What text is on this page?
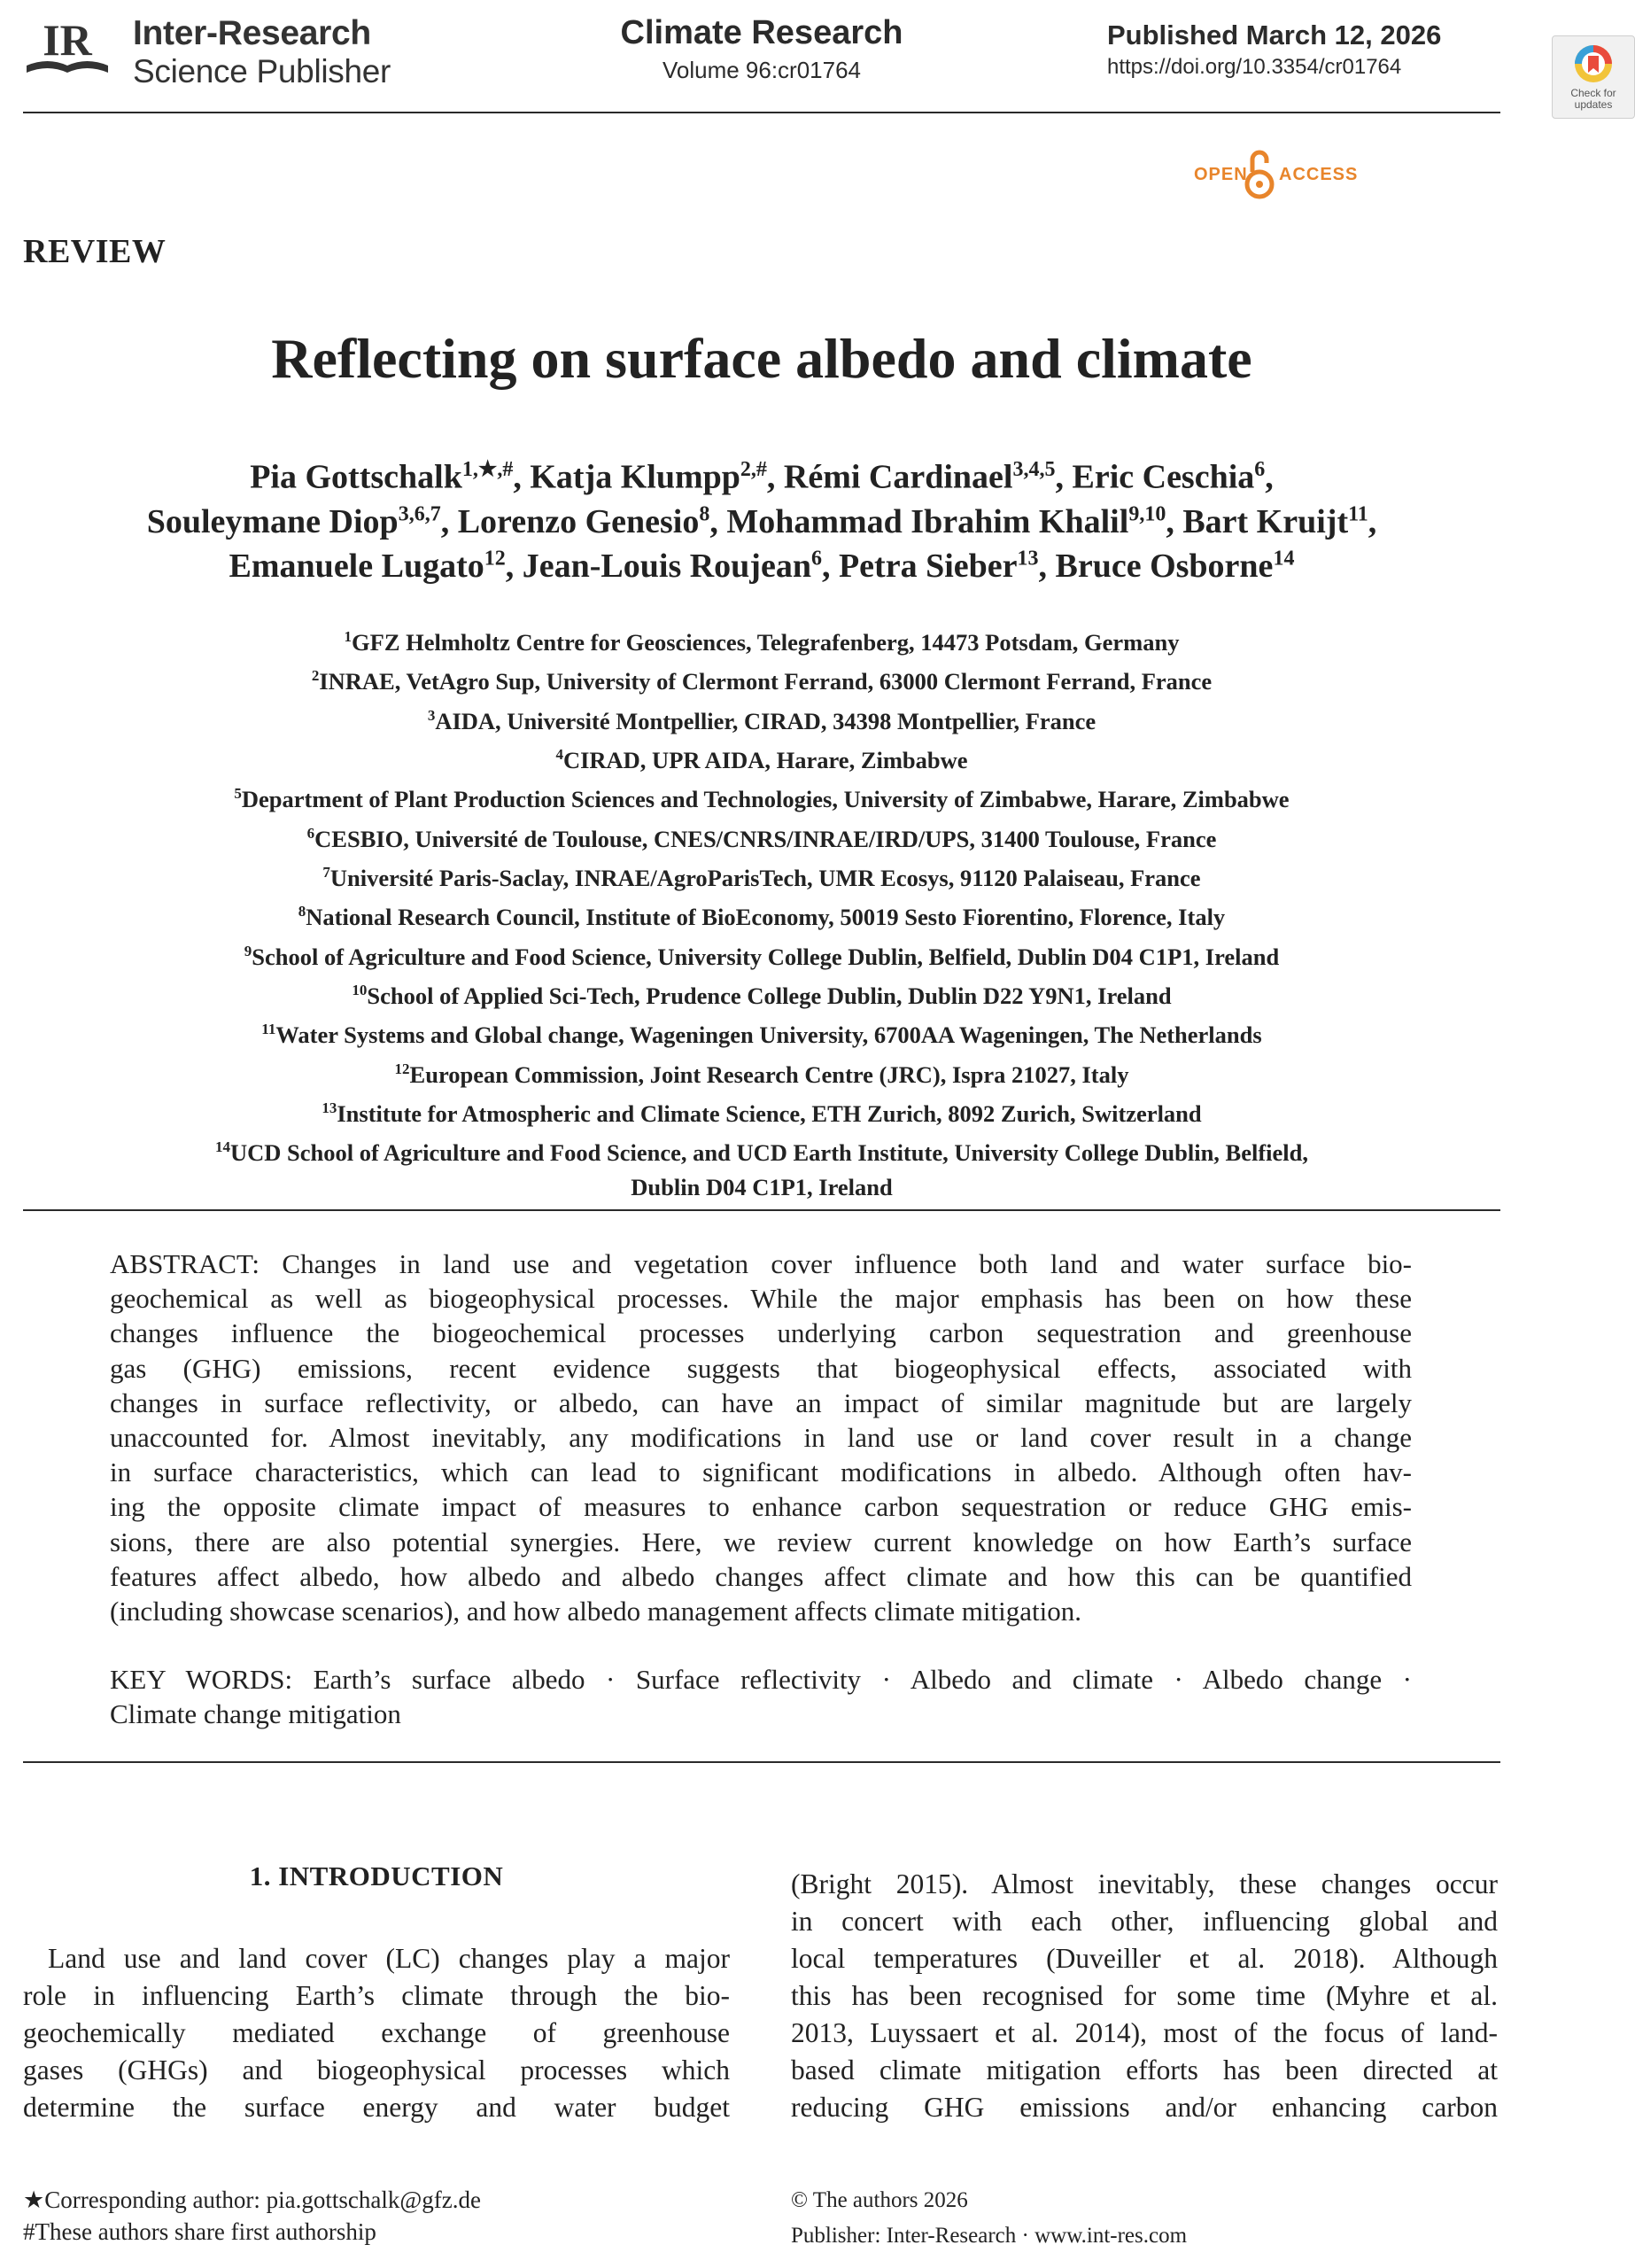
IR Inter-Research
Science Publisher
Climate Research
Volume 96:cr01764
Published March 12, 2026
https://doi.org/10.3354/cr01764
Check for updates
OPEN ACCESS
REVIEW
Reflecting on surface albedo and climate
Pia Gottschalk$^{1,★,\#}$, Katja Klumpp$^{2,\#}$, Rémi Cardinael$^{3,4,5}$, Eric Ceschia$^6$,
Souleymane Diop$^{3,6,7}$, Lorenzo Genesio$^8$, Mohammad Ibrahim Khalil$^{9,10}$, Bart Kruijt$^{11}$,
Emanuele Lugato$^{12}$, Jean-Louis Roujean$^6$, Petra Sieber$^{13}$, Bruce Osborne$^{14}$
$^1$GFZ Helmholtz Centre for Geosciences, Telegrafenberg, 14473 Potsdam, Germany
$^2$INRAE, VetAgro Sup, University of Clermont Ferrand, 63000 Clermont Ferrand, France
$^3$AIDA, Université Montpellier, CIRAD, 34398 Montpellier, France
$^4$CIRAD, UPR AIDA, Harare, Zimbabwe
$^5$Department of Plant Production Sciences and Technologies, University of Zimbabwe, Harare, Zimbabwe
$^6$CESBIO, Université de Toulouse, CNES/CNRS/INRAE/IRD/UPS, 31400 Toulouse, France
$^7$Université Paris-Saclay, INRAE/AgroParisTech, UMR Ecosys, 91120 Palaiseau, France
$^8$National Research Council, Institute of BioEconomy, 50019 Sesto Fiorentino, Florence, Italy
$^9$School of Agriculture and Food Science, University College Dublin, Belfield, Dublin D04 C1P1, Ireland
$^{10}$School of Applied Sci-Tech, Prudence College Dublin, Dublin D22 Y9N1, Ireland
$^{11}$Water Systems and Global change, Wageningen University, 6700AA Wageningen, The Netherlands
$^{12}$European Commission, Joint Research Centre (JRC), Ispra 21027, Italy
$^{13}$Institute for Atmospheric and Climate Science, ETH Zurich, 8092 Zurich, Switzerland
$^{14}$UCD School of Agriculture and Food Science, and UCD Earth Institute, University College Dublin, Belfield,
Dublin D04 C1P1, Ireland
ABSTRACT: Changes in land use and vegetation cover influence both land and water surface bio-
geochemical as well as biogeophysical processes. While the major emphasis has been on how these
changes influence the biogeochemical processes underlying carbon sequestration and greenhouse
gas (GHG) emissions, recent evidence suggests that biogeophysical effects, associated with
changes in surface reflectivity, or albedo, can have an impact of similar magnitude but are largely
unaccounted for. Almost inevitably, any modifications in land use or land cover result in a change
in surface characteristics, which can lead to significant modifications in albedo. Although often hav-
ing the opposite climate impact of measures to enhance carbon sequestration or reduce GHG emis-
sions, there are also potential synergies. Here, we review current knowledge on how Earth’s surface
features affect albedo, how albedo and albedo changes affect climate and how this can be quantified
(including showcase scenarios), and how albedo management affects climate mitigation.
KEY WORDS: Earth’s surface albedo · Surface reflectivity · Albedo and climate · Albedo change ·
Climate change mitigation
1. INTRODUCTION
Land use and land cover (LC) changes play a major
role in influencing Earth’s climate through the bio-
geochemically mediated exchange of greenhouse
gases (GHGs) and biogeophysical processes which
determine the surface energy and water budget
(Bright 2015). Almost inevitably, these changes occur
in concert with each other, influencing global and
local temperatures (Duveiller et al. 2018). Although
this has been recognised for some time (Myhre et al.
2013, Luyssaert et al. 2014), most of the focus of land-
based climate mitigation efforts has been directed at
reducing GHG emissions and/or enhancing carbon
★Corresponding author: pia.gottschalk@gfz.de
#These authors share first authorship
© The authors 2026
Publisher: Inter-Research · www.int-res.com
